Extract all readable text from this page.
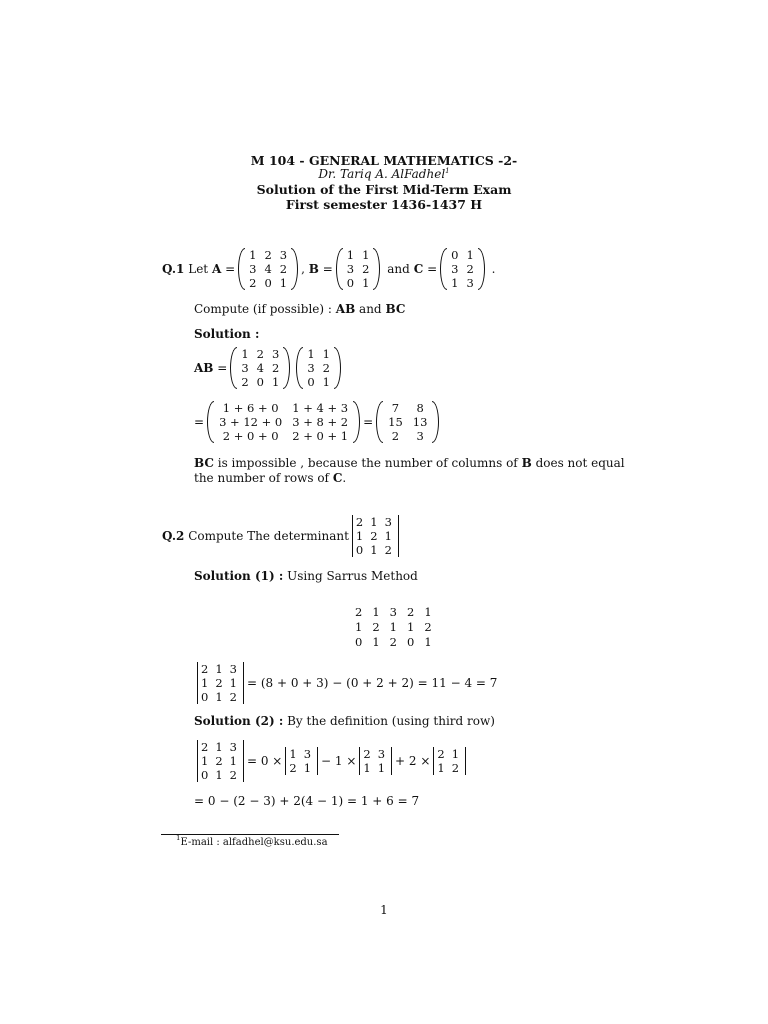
M 104 - GENERAL MATHEMATICS -2-
Dr. Tariq A. AlFadhel$^1$
Solution of the First Mid-Term Exam
First semester 1436-1437 H
Q.1
Let
A =
1	2	3
3	4	2
2	0	1
, B =
1	1
3	2
0	1

and
C =
0	1
3	2
1	3
.
Compute (if possible) :
AB
and
BC
Solution :
AB =
1	2	3
3	4	2
2	0	1
1	1
3	2
0	1
=
1 + 6 + 0	1 + 4 + 3
3 + 12 + 0	3 + 8 + 2
2 + 0 + 0	2 + 0 + 1
=
7	8
15	13
2	3
BC is impossible , because the number of columns of B does not equal
the number of rows of C.
Q.2
Compute The determinant
2	1	3
1	2	1
0	1	2
Solution (1) :
Using Sarrus Method
2	1	3	2	1
1	2	1	1	2
0	1	2	0	1
2	1	3
1	2	1
0	1	2
= (8 + 0 + 3) − (0 + 2 + 2) = 11 − 4 = 7
Solution (2) :
By the definition (using third row)
2	1	3
1	2	1
0	1	2
= 0 × 1	3
2	1 − 1 × 2	3
1	1 + 2 × 2	1
1	2
= 0 − (2 − 3) + 2(4 − 1) = 1 + 6 = 7
$^1$E-mail : alfadhel@ksu.edu.sa
1
